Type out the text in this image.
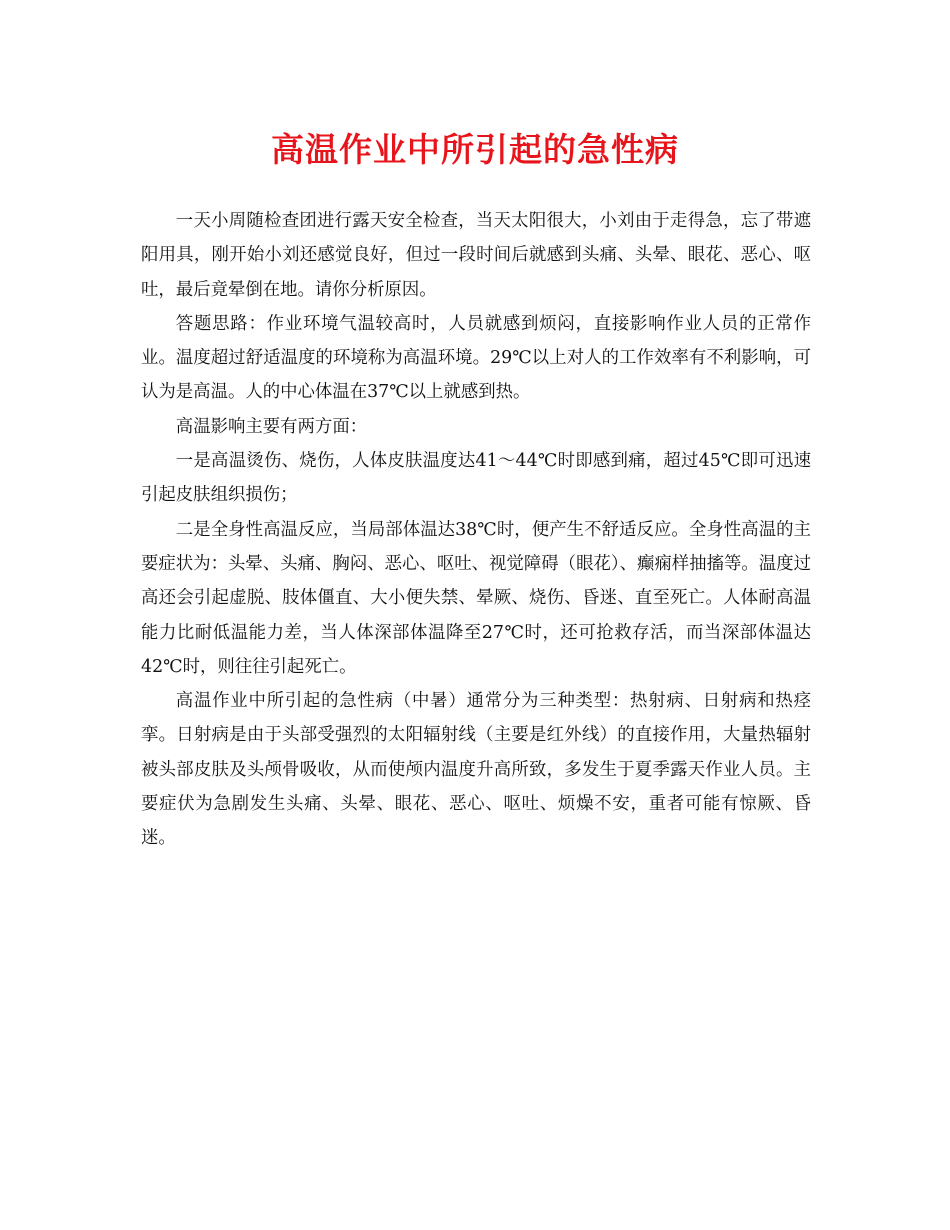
高温作业中所引起的急性病

一天小周随检查团进行露天安全检查，当天太阳很大，小刘由于走得急，忘了带遮阳用具，刚开始小刘还感觉良好，但过一段时间后就感到头痛、头晕、眼花、恶心、呕吐，最后竟晕倒在地。请你分析原因。

答题思路：作业环境气温较高时，人员就感到烦闷，直接影响作业人员的正常作业。温度超过舒适温度的环境称为高温环境。29℃以上对人的工作效率有不利影响，可认为是高温。人的中心体温在37℃以上就感到热。

高温影响主要有两方面：

一是高温烫伤、烧伤，人体皮肤温度达41～44℃时即感到痛，超过45℃即可迅速引起皮肤组织损伤；

二是全身性高温反应，当局部体温达38℃时，便产生不舒适反应。全身性高温的主要症状为：头晕、头痛、胸闷、恶心、呕吐、视觉障碍（眼花）、癫痫样抽搐等。温度过高还会引起虚脱、肢体僵直、大小便失禁、晕厥、烧伤、昏迷、直至死亡。人体耐高温能力比耐低温能力差，当人体深部体温降至27℃时，还可抢救存活，而当深部体温达42℃时，则往往引起死亡。

高温作业中所引起的急性病（中暑）通常分为三种类型：热射病、日射病和热痉挛。日射病是由于头部受强烈的太阳辐射线（主要是红外线）的直接作用，大量热辐射被头部皮肤及头颅骨吸收，从而使颅内温度升高所致，多发生于夏季露天作业人员。主要症伏为急剧发生头痛、头晕、眼花、恶心、呕吐、烦燥不安，重者可能有惊厥、昏迷。
